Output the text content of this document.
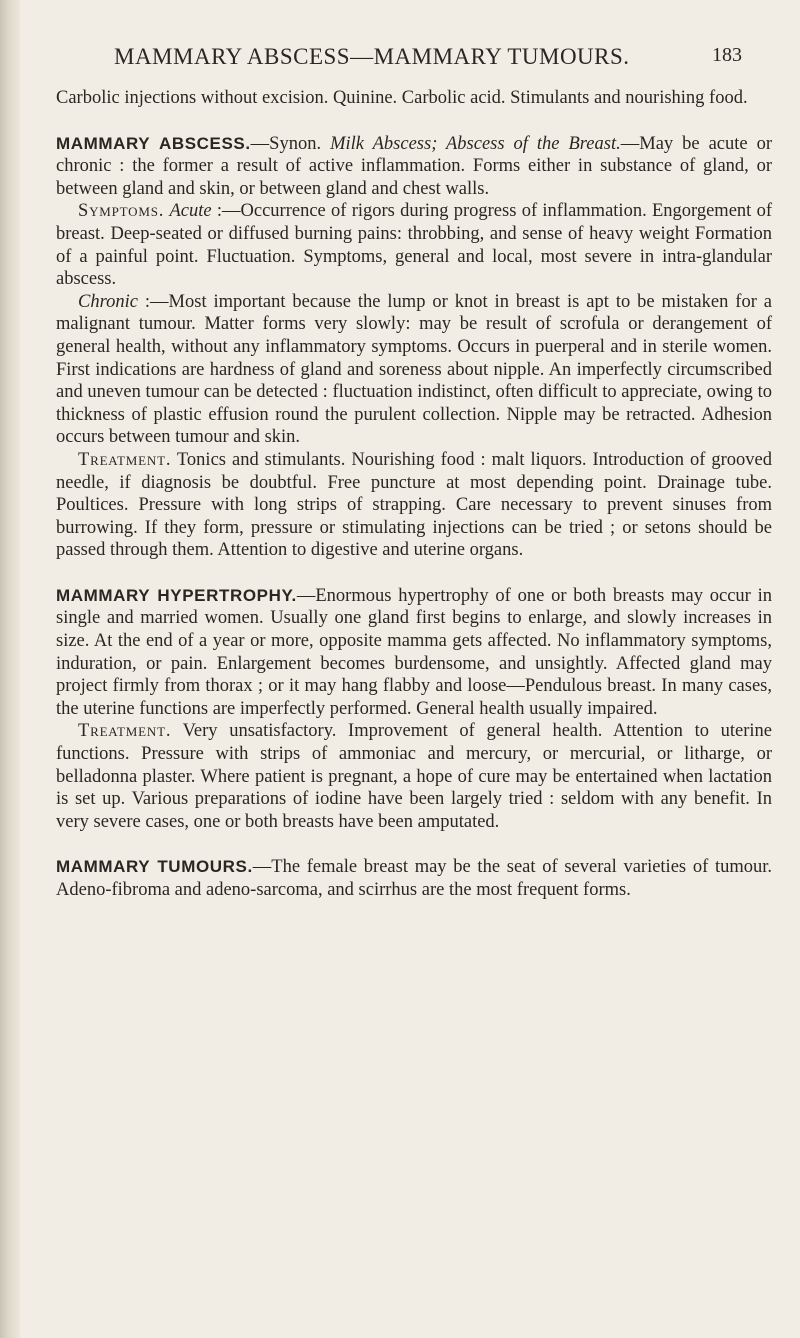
MAMMARY ABSCESS—MAMMARY TUMOURS.	183

Carbolic injections without excision. Quinine. Carbolic acid. Stimulants and nourishing food.

MAMMARY ABSCESS.—Synon. Milk Abscess; Abscess of the Breast.—May be acute or chronic : the former a result of active inflammation. Forms either in substance of gland, or between gland and skin, or between gland and chest walls.

Symptoms. Acute :—Occurrence of rigors during progress of inflammation. Engorgement of breast. Deep-seated or diffused burning pains: throbbing, and sense of heavy weight Formation of a painful point. Fluctuation. Symptoms, general and local, most severe in intra-glandular abscess.

Chronic :—Most important because the lump or knot in breast is apt to be mistaken for a malignant tumour. Matter forms very slowly: may be result of scrofula or derangement of general health, without any inflammatory symptoms. Occurs in puerperal and in sterile women. First indications are hardness of gland and soreness about nipple. An imperfectly circumscribed and uneven tumour can be detected : fluctuation indistinct, often difficult to appreciate, owing to thickness of plastic effusion round the purulent collection. Nipple may be retracted. Adhesion occurs between tumour and skin.

Treatment. Tonics and stimulants. Nourishing food : malt liquors. Introduction of grooved needle, if diagnosis be doubtful. Free puncture at most depending point. Drainage tube. Poultices. Pressure with long strips of strapping. Care necessary to prevent sinuses from burrowing. If they form, pressure or stimulating injections can be tried ; or setons should be passed through them. Attention to digestive and uterine organs.

MAMMARY HYPERTROPHY.—Enormous hypertrophy of one or both breasts may occur in single and married women. Usually one gland first begins to enlarge, and slowly increases in size. At the end of a year or more, opposite mamma gets affected. No inflammatory symptoms, induration, or pain. Enlargement becomes burdensome, and unsightly. Affected gland may project firmly from thorax ; or it may hang flabby and loose—Pendulous breast. In many cases, the uterine functions are imperfectly performed. General health usually impaired.

Treatment. Very unsatisfactory. Improvement of general health. Attention to uterine functions. Pressure with strips of ammoniac and mercury, or mercurial, or litharge, or belladonna plaster. Where patient is pregnant, a hope of cure may be entertained when lactation is set up. Various preparations of iodine have been largely tried : seldom with any benefit. In very severe cases, one or both breasts have been amputated.

MAMMARY TUMOURS.—The female breast may be the seat of several varieties of tumour. Adeno-fibroma and adeno-sarcoma, and scirrhus are the most frequent forms.
